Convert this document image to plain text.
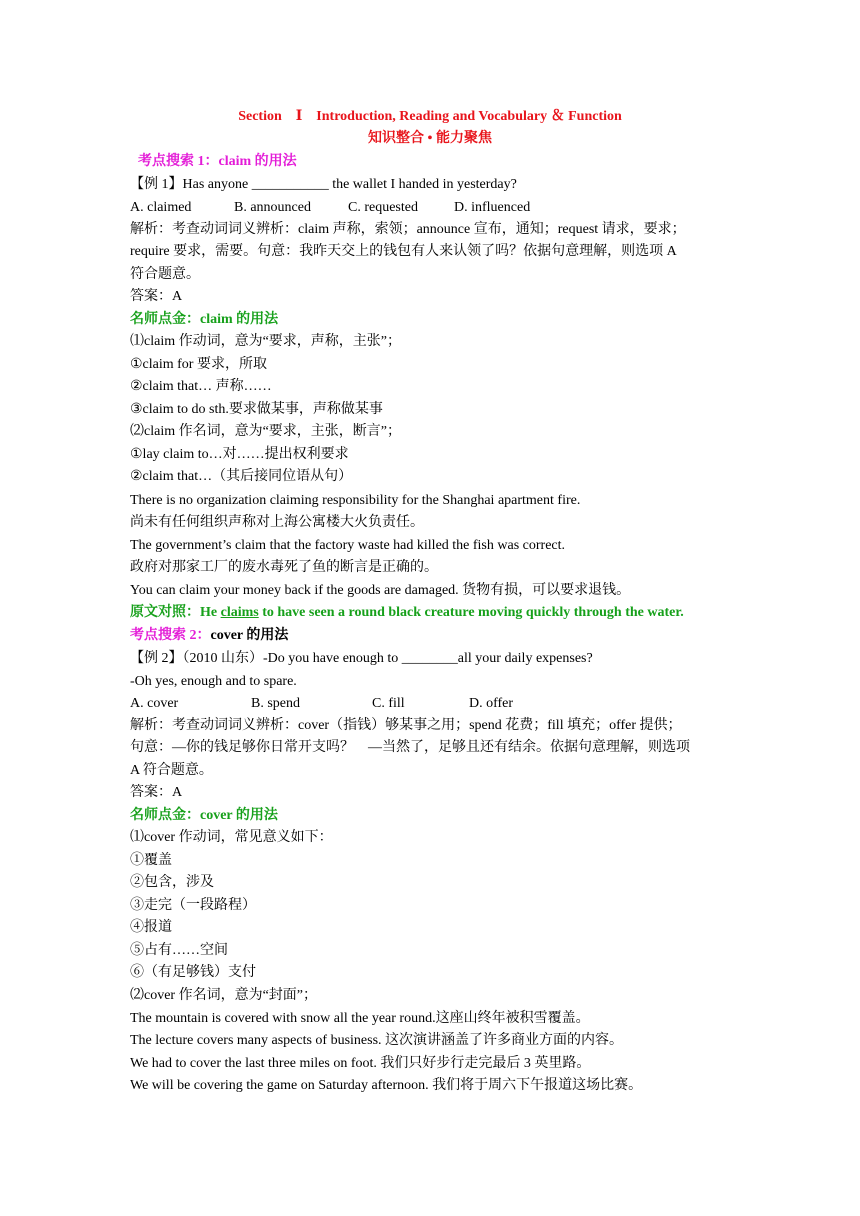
Section　Ⅰ　Introduction, Reading and Vocabulary ＆ Function
知识整合 • 能力聚焦
考点搜索 1：claim 的用法
【例 1】Has anyone ___________ the wallet I handed in yesterday?
A. claimed	B. announced	C. requested	D. influenced
解析：考查动词词义辨析：claim 声称，索领；announce 宣布，通知；request 请求，要求；
require 要求，需要。句意：我昨天交上的钱包有人来认领了吗？依据句意理解，则选项 A
符合题意。
答案：A
名师点金：claim 的用法
⑴claim 作动词，意为“要求，声称，主张”；
①claim for 要求，所取
②claim that… 声称……
③claim to do sth.要求做某事，声称做某事
⑵claim 作名词，意为“要求，主张，断言”；
①lay claim to…对……提出权利要求
②claim that…（其后接同位语从句）
There is no organization claiming responsibility for the Shanghai apartment fire.
尚未有任何组织声称对上海公寓楼大火负责任。
The government’s claim that the factory waste had killed the fish was correct.
政府对那家工厂的废水毒死了鱼的断言是正确的。
You can claim your money back if the goods are damaged. 货物有损，可以要求退钱。
原文对照：He claims to have seen a round black creature moving quickly through the water.
考点搜索 2：cover 的用法
【例 2】（2010 山东）-Do you have enough to ________all your daily expenses?
-Oh yes, enough and to spare.
A. cover	B. spend	C. fill	D. offer
解析：考查动词词义辨析：cover（指钱）够某事之用；spend 花费；fill 填充；offer 提供；
句意：—你的钱足够你日常开支吗？　—当然了，足够且还有结余。依据句意理解，则选项
A 符合题意。
答案：A
名师点金：cover 的用法
⑴cover 作动词，常见意义如下：
①覆盖
②包含，涉及
③走完（一段路程）
④报道
⑤占有……空间
⑥（有足够钱）支付
⑵cover 作名词，意为“封面”；
The mountain is covered with snow all the year round.这座山终年被积雪覆盖。
The lecture covers many aspects of business. 这次演讲涵盖了许多商业方面的内容。
We had to cover the last three miles on foot. 我们只好步行走完最后 3 英里路。
We will be covering the game on Saturday afternoon. 我们将于周六下午报道这场比赛。
